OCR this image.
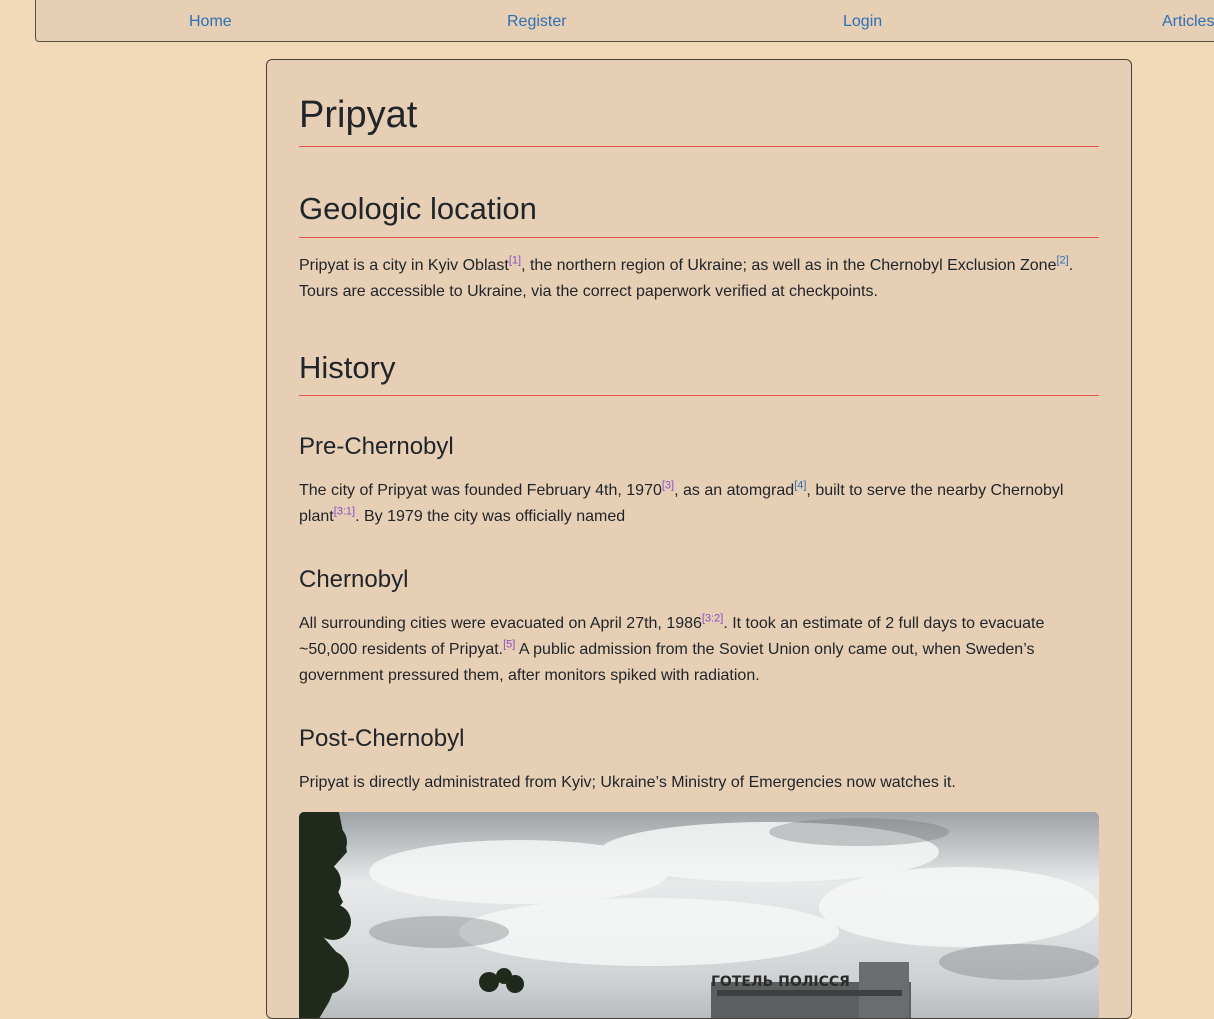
Home	Register	Login	Articles
Pripyat
Geologic location

Pripyat is a city in Kyiv Oblast[1], the northern region of Ukraine; as well as in the Chernobyl Exclusion Zone[2]. Tours are accessible to Ukraine, via the correct paperwork verified at checkpoints.

History
Pre-Chernobyl

The city of Pripyat was founded February 4th, 1970[3], as an atomgrad[4], built to serve the nearby Chernobyl plant[3:1]. By 1979 the city was officially named

Chernobyl

All surrounding cities were evacuated on April 27th, 1986[3:2]. It took an estimate of 2 full days to evacuate ~50,000 residents of Pripyat.[5] A public admission from the Soviet Union only came out, when Sweden’s government pressured them, after monitors spiked with radiation.

Post-Chernobyl

Pripyat is directly administrated from Kyiv; Ukraine’s Ministry of Emergencies now watches it.

ГОТЕЛЬ ПОЛІССЯ
